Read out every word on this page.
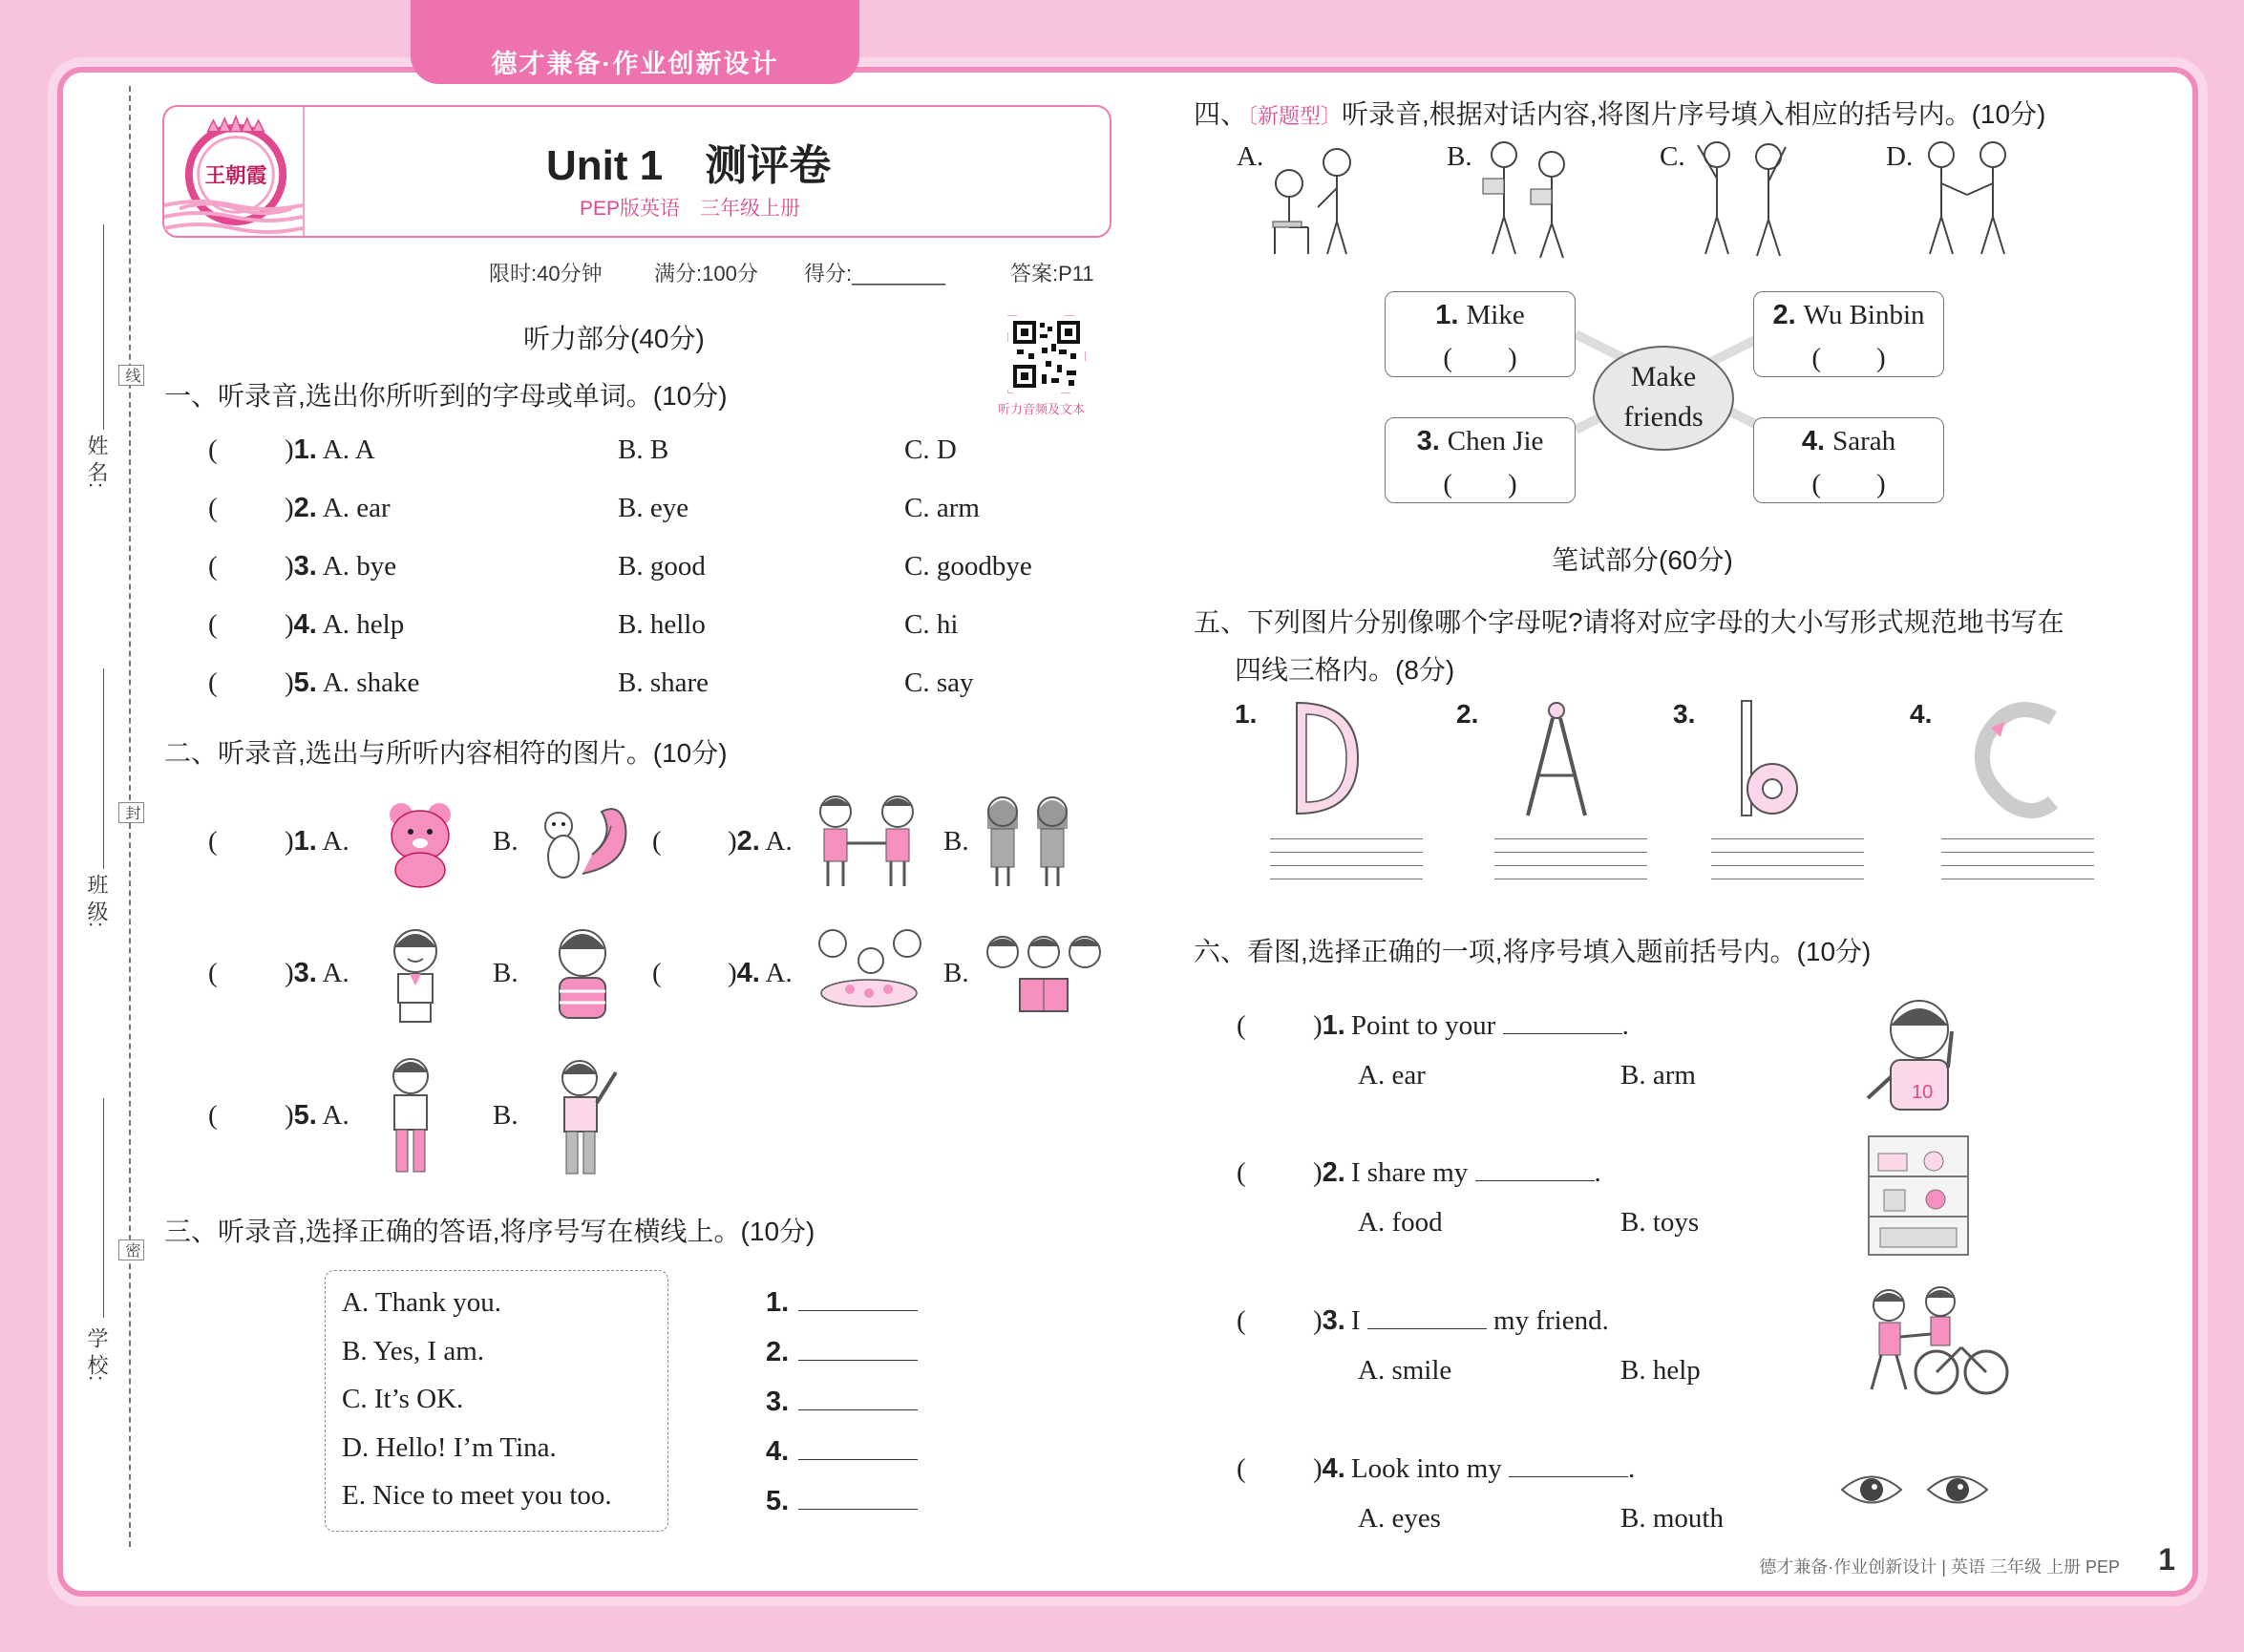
德才兼备·作业创新设计
姓 名:
线
班 级:
封
学 校:
密
王朝霞	Unit 1　测评卷
PEP版英语　三年级上册
限时:40分钟 满分:100分 得分:________	答案:P11
听力部分(40分)
听力音频及文本
一、听录音,选出你所听到的字母或单词。(10分)
( )1. A. A	B. B	C. D
( )2. A. ear	B. eye	C. arm
( )3. A. bye	B. good	C. goodbye
( )4. A. help	B. hello	C. hi
( )5. A. shake	B. share	C. say
二、听录音,选出与所听内容相符的图片。(10分)
( )1. A.	B.	( )2. A.	B.
( )3. A.	B.	( )4. A.	B.
( )5. A.	B.
三、听录音,选择正确的答语,将序号写在横线上。(10分)
A. Thank you.
B. Yes, I am.
C. It’s OK.
D. Hello! I’m Tina.
E. Nice to meet you too.
1.
2.
3.
4.
5.
四、〔新题型〕听录音,根据对话内容,将图片序号填入相应的括号内。(10分)
A.	B.	C.	D.
Make
friends
1. Mike
(　　)
2. Wu Binbin
(　　)
3. Chen Jie
(　　)
4. Sarah
(　　)
笔试部分(60分)
五、下列图片分别像哪个字母呢?请将对应字母的大小写形式规范地书写在
四线三格内。(8分)
1.	2.	3.	4.
六、看图,选择正确的一项,将序号填入题前括号内。(10分)
( )1. Point to your	.
A. ear	B. arm
( )2. I share my	.
A. food	B. toys
( )3. I	my friend.
A. smile	B. help
( )4. Look into my	.
A. eyes	B. mouth
10
德才兼备·作业创新设计 | 英语 三年级 上册 PEP 1
